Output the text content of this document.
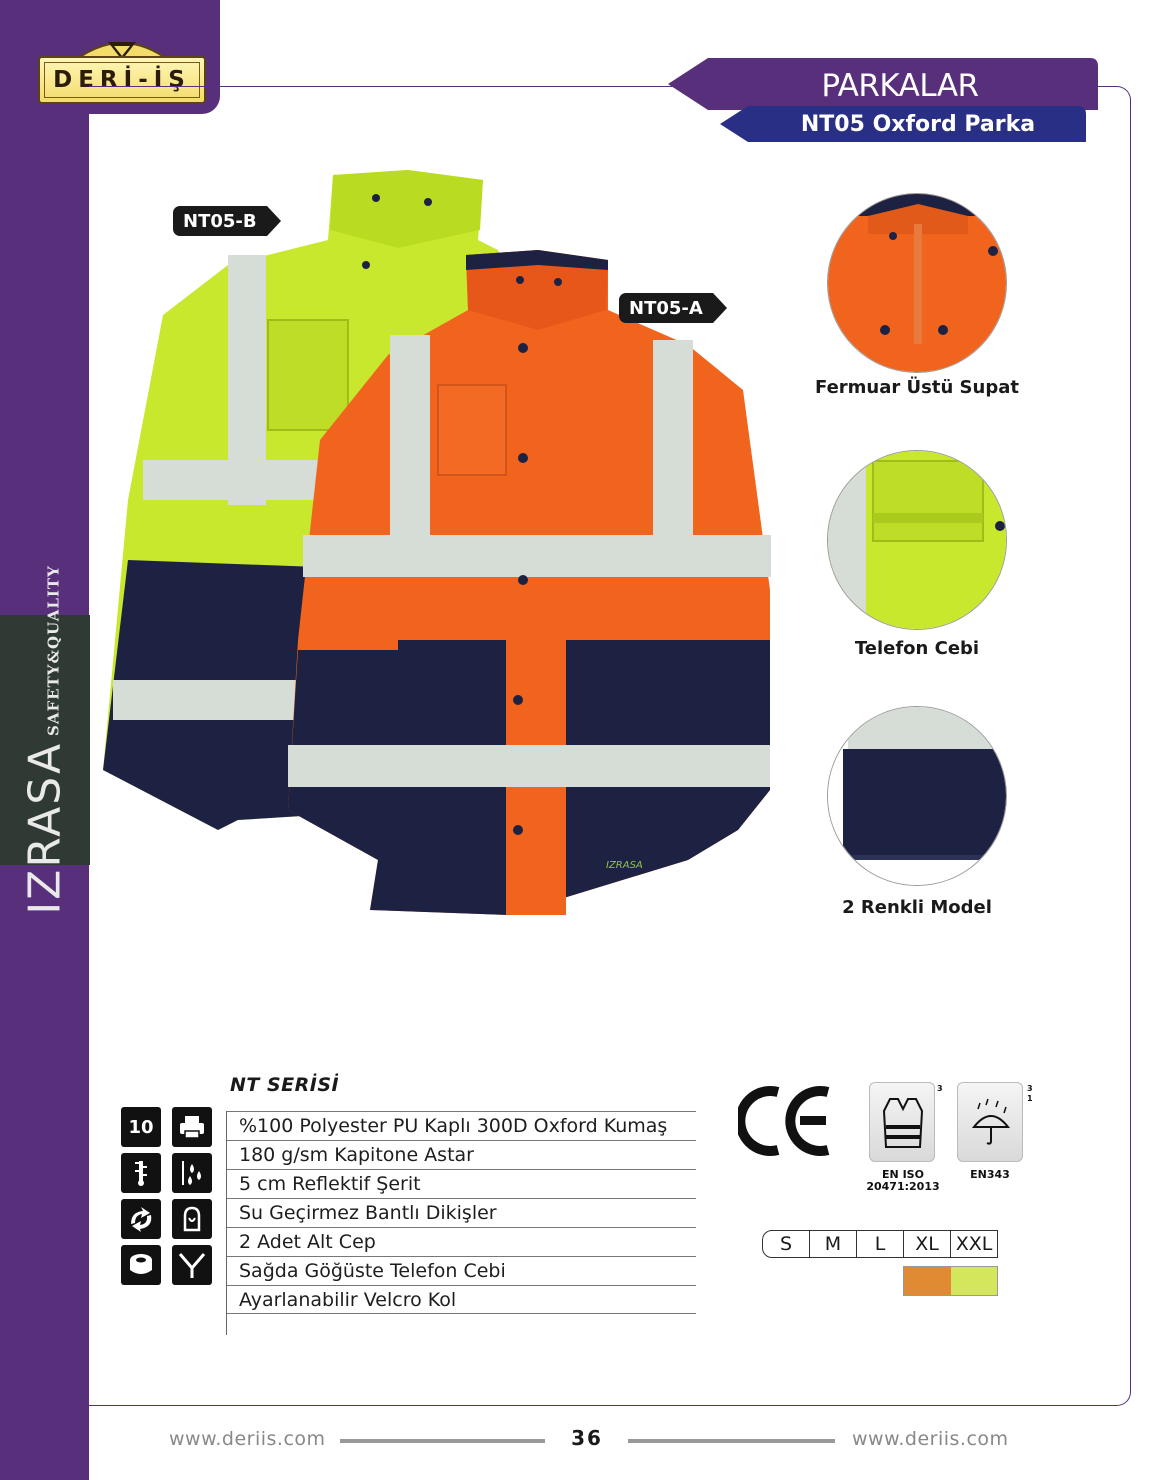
DERİ-İŞ
IZRASA
SAFETY&QUALITY
PARKALAR
NT05 Oxford Parka
IZRASA
NT05-B
NT05-A
Fermuar Üstü Supat
Telefon Cebi
2 Renkli Model
NT SERİSİ
10	%100 Polyester PU Kaplı 300D Oxford Kumaş
180 g/sm Kapitone Astar
5 cm Reflektif Şerit
Su Geçirmez Bantlı Dikişler
2 Adet Alt Cep
Sağda Göğüste Telefon Cebi
Ayarlanabilir Velcro Kol
3
EN ISO
20471:2013
3
1
EN343
S	M	L	XL XXL
www.deriis.com	36	www.deriis.com
